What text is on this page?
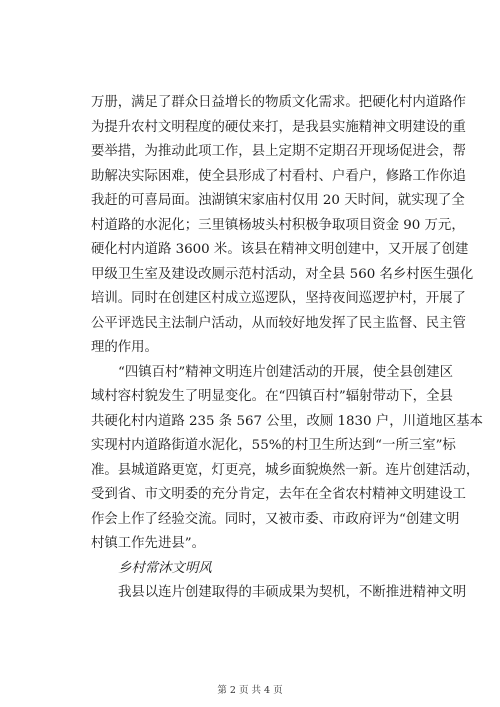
万册，满足了群众日益增长的物质文化需求。把硬化村内道路作
为提升农村文明程度的硬仗来打，是我县实施精神文明建设的重
要举措，为推动此项工作，县上定期不定期召开现场促进会，帮
助解决实际困难，使全县形成了村看村、户看户，修路工作你追
我赶的可喜局面。浊湖镇宋家庙村仅用 20 天时间，就实现了全
村道路的水泥化；三里镇杨坡头村积极争取项目资金 90 万元，
硬化村内道路 3600 米。该县在精神文明创建中，又开展了创建
甲级卫生室及建设改厕示范村活动，对全县 560 名乡村医生强化
培训。同时在创建区村成立巡逻队，坚持夜间巡逻护村，开展了
公平评选民主法制户活动，从而较好地发挥了民主监督、民主管
理的作用。
“四镇百村”精神文明连片创建活动的开展，使全县创建区
域村容村貌发生了明显变化。在“四镇百村”辐射带动下，全县
共硬化村内道路 235 条 567 公里，改厕 1830 户，川道地区基本
实现村内道路街道水泥化，55%的村卫生所达到“一所三室”标
准。县城道路更宽，灯更亮，城乡面貌焕然一新。连片创建活动，
受到省、市文明委的充分肯定，去年在全省农村精神文明建设工
作会上作了经验交流。同时，又被市委、市政府评为“创建文明
村镇工作先进县”。
乡村常沐文明风
我县以连片创建取得的丰硕成果为契机，不断推进精神文明
第 2 页 共 4 页
